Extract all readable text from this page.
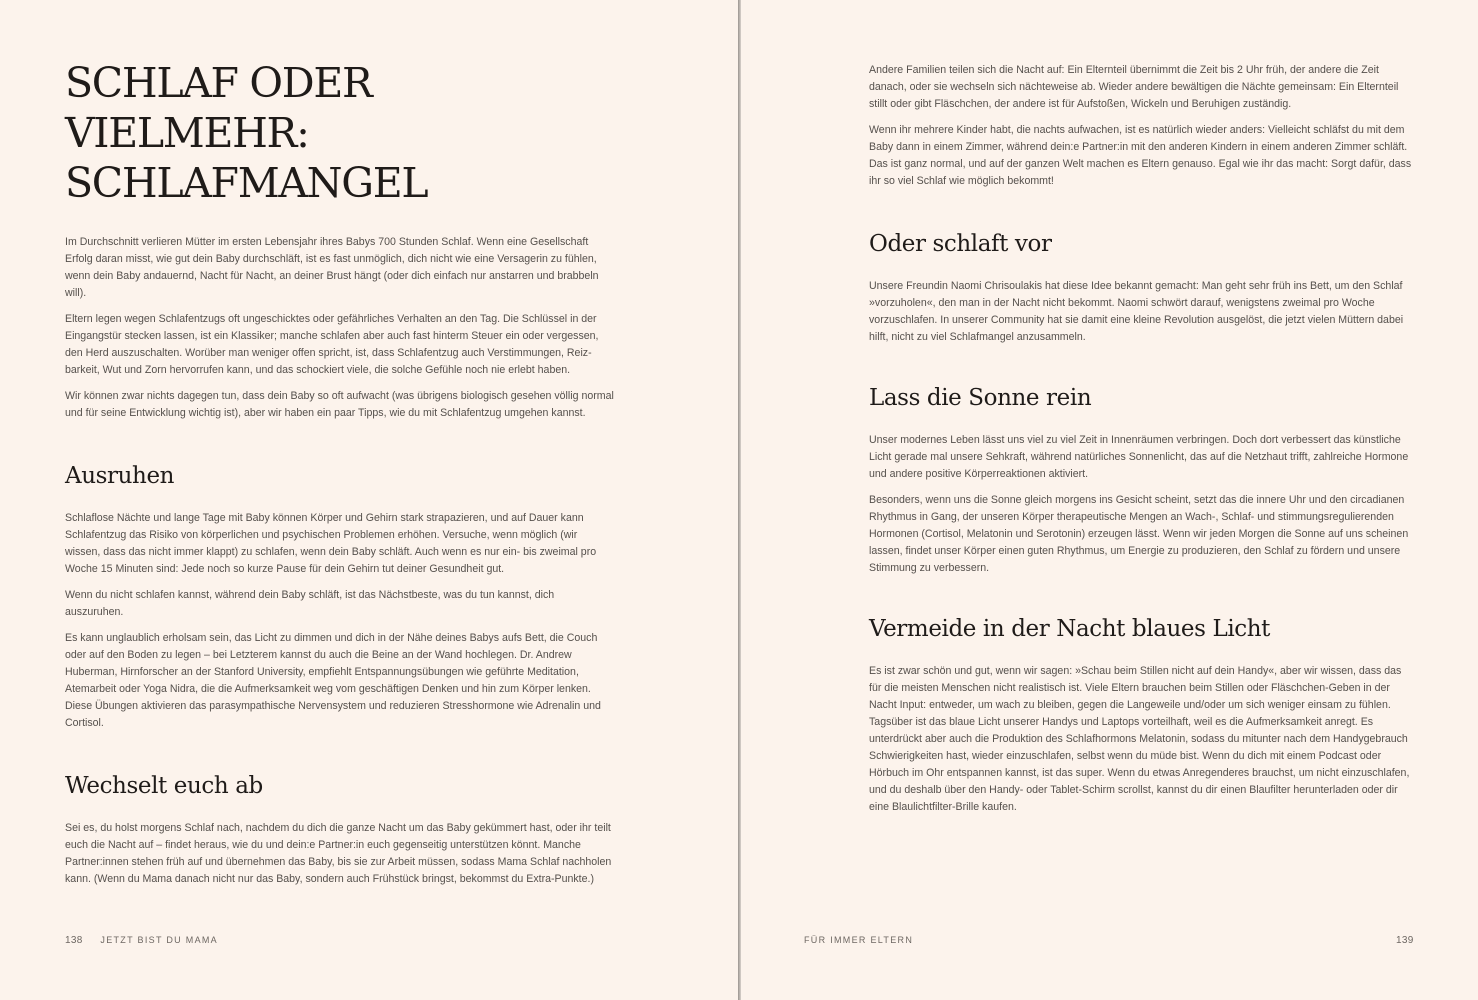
SCHLAF ODER VIELMEHR:
SCHLAFMANGEL

Im Durchschnitt verlieren Mütter im ersten Lebensjahr ihres Babys 700 Stunden Schlaf. Wenn eine Gesellschaft Erfolg daran misst, wie gut dein Baby durchschläft, ist es fast unmöglich, dich nicht wie eine Versagerin zu fühlen, wenn dein Baby andauernd, Nacht für Nacht, an deiner Brust hängt (oder dich einfach nur anstarren und brabbeln will).

Eltern legen wegen Schlafentzugs oft ungeschicktes oder gefährliches Verhalten an den Tag. Die Schlüssel in der Eingangstür stecken lassen, ist ein Klassiker; manche schlafen aber auch fast hinterm Steuer ein oder vergessen, den Herd auszuschalten. Worüber man weniger offen spricht, ist, dass Schlafentzug auch Verstimmungen, Reizbarkeit, Wut und Zorn hervorrufen kann, und das schockiert viele, die solche Gefühle noch nie erlebt haben.

Wir können zwar nichts dagegen tun, dass dein Baby so oft aufwacht (was übrigens biologisch gesehen völlig normal und für seine Entwicklung wichtig ist), aber wir haben ein paar Tipps, wie du mit Schlafentzug umgehen kannst.

Ausruhen

Schlaflose Nächte und lange Tage mit Baby können Körper und Gehirn stark strapazieren, und auf Dauer kann Schlafentzug das Risiko von körperlichen und psychischen Problemen erhöhen. Versuche, wenn möglich (wir wissen, dass das nicht immer klappt) zu schlafen, wenn dein Baby schläft. Auch wenn es nur ein- bis zweimal pro Woche 15 Minuten sind: Jede noch so kurze Pause für dein Gehirn tut deiner Gesundheit gut.

Wenn du nicht schlafen kannst, während dein Baby schläft, ist das Nächstbeste, was du tun kannst, dich auszuruhen.

Es kann unglaublich erholsam sein, das Licht zu dimmen und dich in der Nähe deines Babys aufs Bett, die Couch oder auf den Boden zu legen – bei Letzterem kannst du auch die Beine an der Wand hochlegen. Dr. Andrew Huberman, Hirnforscher an der Stanford University, empfiehlt Entspannungsübungen wie geführte Meditation, Atemarbeit oder Yoga Nidra, die die Aufmerksamkeit weg vom geschäftigen Denken und hin zum Körper lenken. Diese Übungen aktivieren das parasympathische Nervensystem und reduzieren Stresshormone wie Adrenalin und Cortisol.

Wechselt euch ab

Sei es, du holst morgens Schlaf nach, nachdem du dich die ganze Nacht um das Baby gekümmert hast, oder ihr teilt euch die Nacht auf – findet heraus, wie du und dein:e Partner:in euch gegenseitig unterstützen könnt. Manche Partner:innen stehen früh auf und übernehmen das Baby, bis sie zur Arbeit müssen, sodass Mama Schlaf nachholen kann. (Wenn du Mama danach nicht nur das Baby, sondern auch Frühstück bringst, bekommst du Extra-Punkte.)

138 JETZT BIST DU MAMA

Andere Familien teilen sich die Nacht auf: Ein Elternteil übernimmt die Zeit bis 2 Uhr früh, der andere die Zeit danach, oder sie wechseln sich nächteweise ab. Wieder andere bewältigen die Nächte gemeinsam: Ein Elternteil stillt oder gibt Fläschchen, der andere ist für Aufstoßen, Wickeln und Beruhigen zuständig.

Wenn ihr mehrere Kinder habt, die nachts aufwachen, ist es natürlich wieder anders: Vielleicht schläfst du mit dem Baby dann in einem Zimmer, während dein:e Partner:in mit den anderen Kindern in einem anderen Zimmer schläft. Das ist ganz normal, und auf der ganzen Welt machen es Eltern genauso. Egal wie ihr das macht: Sorgt dafür, dass ihr so viel Schlaf wie möglich bekommt!

Oder schlaft vor

Unsere Freundin Naomi Chrisoulakis hat diese Idee bekannt gemacht: Man geht sehr früh ins Bett, um den Schlaf »vorzuholen«, den man in der Nacht nicht bekommt. Naomi schwört darauf, wenigstens zweimal pro Woche vorzuschlafen. In unserer Community hat sie damit eine kleine Revolution ausgelöst, die jetzt vielen Müttern dabei hilft, nicht zu viel Schlafmangel anzusammeln.

Lass die Sonne rein

Unser modernes Leben lässt uns viel zu viel Zeit in Innenräumen verbringen. Doch dort verbessert das künstliche Licht gerade mal unsere Sehkraft, während natürliches Sonnenlicht, das auf die Netzhaut trifft, zahlreiche Hormone und andere positive Körperreaktionen aktiviert.

Besonders, wenn uns die Sonne gleich morgens ins Gesicht scheint, setzt das die innere Uhr und den circadianen Rhythmus in Gang, der unseren Körper therapeutische Mengen an Wach-, Schlaf- und stimmungsregulierenden Hormonen (Cortisol, Melatonin und Serotonin) erzeugen lässt. Wenn wir jeden Morgen die Sonne auf uns scheinen lassen, findet unser Körper einen guten Rhythmus, um Energie zu produzieren, den Schlaf zu fördern und unsere Stimmung zu verbessern.

Vermeide in der Nacht blaues Licht

Es ist zwar schön und gut, wenn wir sagen: »Schau beim Stillen nicht auf dein Handy«, aber wir wissen, dass das für die meisten Menschen nicht realistisch ist. Viele Eltern brauchen beim Stillen oder Fläschchen-Geben in der Nacht Input: entweder, um wach zu bleiben, gegen die Langeweile und/oder um sich weniger einsam zu fühlen. Tagsüber ist das blaue Licht unserer Handys und Laptops vorteilhaft, weil es die Aufmerksamkeit anregt. Es unterdrückt aber auch die Produktion des Schlafhormons Melatonin, sodass du mitunter nach dem Handygebrauch Schwierigkeiten hast, wieder einzuschlafen, selbst wenn du müde bist. Wenn du dich mit einem Podcast oder Hörbuch im Ohr entspannen kannst, ist das super. Wenn du etwas Anregenderes brauchst, um nicht einzuschlafen, und du deshalb über den Handy- oder Tablet-Schirm scrollst, kannst du dir einen Blaufilter herunterladen oder dir eine Blaulichtfilter-Brille kaufen.

FÜR IMMER ELTERN	139
